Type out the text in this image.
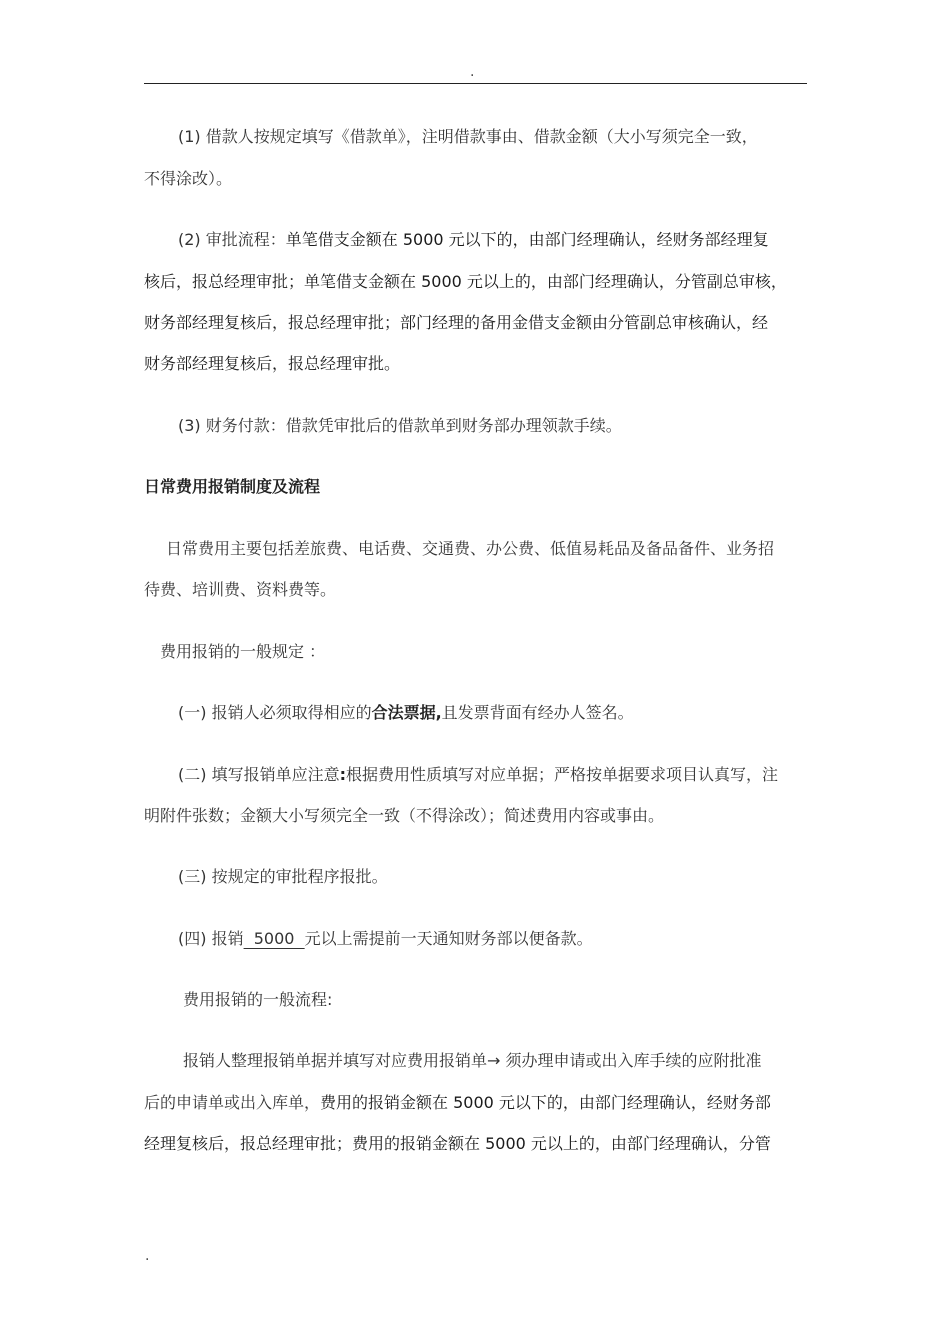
.
(1) 借款人按规定填写《借款单》，注明借款事由、借款金额（大小写须完全一致，
不得涂改）。
(2) 审批流程：单笔借支金额在 5000 元以下的，由部门经理确认，经财务部经理复
核后，报总经理审批；单笔借支金额在 5000 元以上的，由部门经理确认，分管副总审核，
财务部经理复核后，报总经理审批；部门经理的备用金借支金额由分管副总审核确认，经
财务部经理复核后，报总经理审批。
(3) 财务付款：借款凭审批后的借款单到财务部办理领款手续。
日常费用报销制度及流程
日常费用主要包括差旅费、电话费、交通费、办公费、低值易耗品及备品备件、业务招
待费、培训费、资料费等。
费用报销的一般规定 ：
(一) 报销人必须取得相应的合法票据,且发票背面有经办人签名。
(二) 填写报销单应注意:根据费用性质填写对应单据；严格按单据要求项目认真写，注
明附件张数；金额大小写须完全一致（不得涂改）；简述费用内容或事由。
(三) 按规定的审批程序报批。
(四) 报销  5000  元以上需提前一天通知财务部以便备款。
费用报销的一般流程:
报销人整理报销单据并填写对应费用报销单→ 须办理申请或出入库手续的应附批准
后的申请单或出入库单，费用的报销金额在 5000 元以下的，由部门经理确认，经财务部
经理复核后，报总经理审批；费用的报销金额在 5000 元以上的，由部门经理确认，分管
.
